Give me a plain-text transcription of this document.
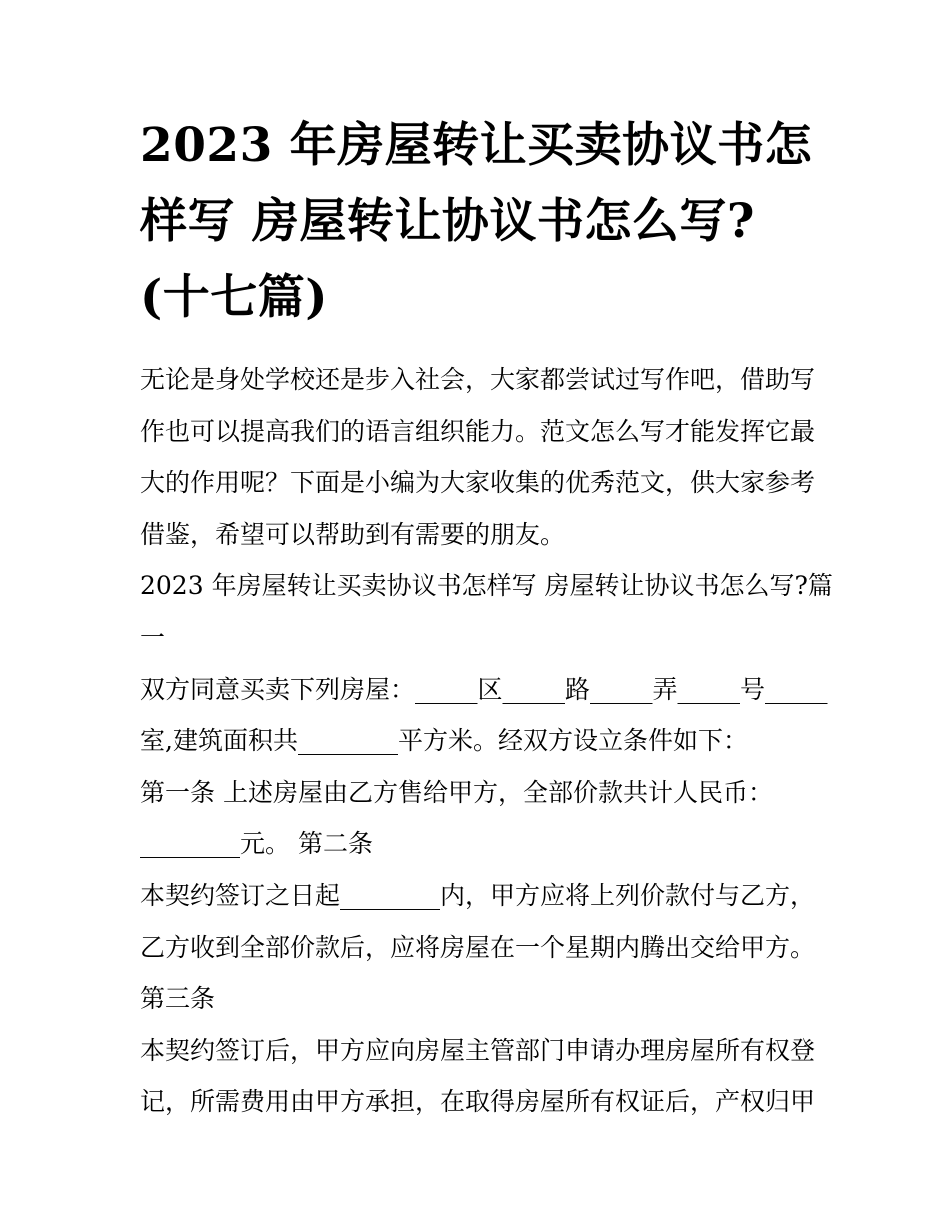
2023 年房屋转让买卖协议书怎
样写 房屋转让协议书怎么写?
(十七篇)
无论是身处学校还是步入社会，大家都尝试过写作吧，借助写
作也可以提高我们的语言组织能力。范文怎么写才能发挥它最
大的作用呢？下面是小编为大家收集的优秀范文，供大家参考
借鉴，希望可以帮助到有需要的朋友。
2023 年房屋转让买卖协议书怎样写 房屋转让协议书怎么写?篇
一
双方同意买卖下列房屋：_____区_____路_____弄_____号_____
室,建筑面积共________平方米。经双方设立条件如下：
第一条 上述房屋由乙方售给甲方，全部价款共计人民币：
________元。 第二条
本契约签订之日起________内，甲方应将上列价款付与乙方，
乙方收到全部价款后，应将房屋在一个星期内腾出交给甲方。
第三条
本契约签订后，甲方应向房屋主管部门申请办理房屋所有权登
记，所需费用由甲方承担，在取得房屋所有权证后，产权归甲
